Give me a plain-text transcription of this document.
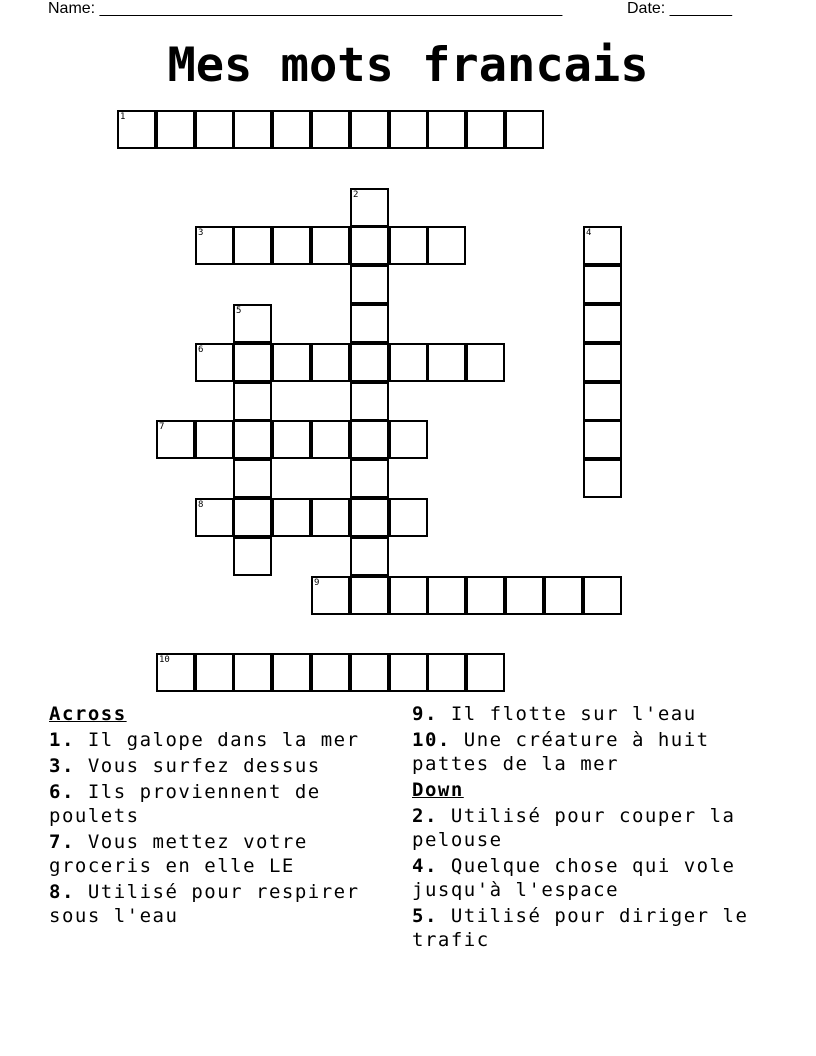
Name: ____________________________________________________	Date: _______
Mes mots francais
1
2
3	4
5
6
7
8
9
10
Across
1. Il galope dans la mer
3. Vous surfez dessus
6. Ils proviennent de poulets
7. Vous mettez votre groceris en elle LE
8. Utilisé pour respirer sous l'eau
9. Il flotte sur l'eau
10. Une créature à huit pattes de la mer
Down
2. Utilisé pour couper la pelouse
4. Quelque chose qui vole jusqu'à l'espace
5. Utilisé pour diriger le trafic
